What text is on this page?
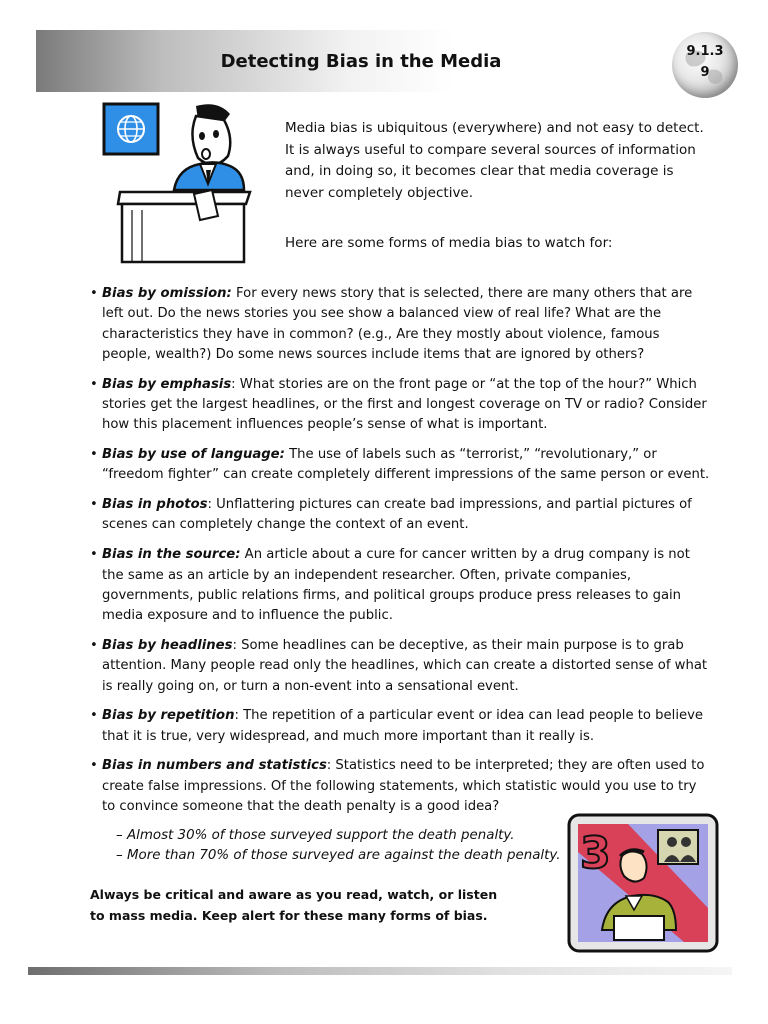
Detecting Bias in the Media	9.1.3
9

Media bias is ubiquitous (everywhere) and not easy to detect. It is always useful to compare several sources of information and, in doing so, it becomes clear that media coverage is never completely objective.

Here are some forms of media bias to watch for:

• Bias by omission: For every news story that is selected, there are many others that are left out. Do the news stories you see show a balanced view of real life? What are the characteristics they have in common? (e.g., Are they mostly about violence, famous people, wealth?) Do some news sources include items that are ignored by others?
• Bias by emphasis: What stories are on the front page or “at the top of the hour?” Which stories get the largest headlines, or the first and longest coverage on TV or radio? Consider how this placement influences people’s sense of what is important.
• Bias by use of language: The use of labels such as “terrorist,” “revolutionary,” or “freedom fighter” can create completely different impressions of the same person or event.
• Bias in photos: Unflattering pictures can create bad impressions, and partial pictures of scenes can completely change the context of an event.
• Bias in the source: An article about a cure for cancer written by a drug company is not the same as an article by an independent researcher. Often, private companies, governments, public relations firms, and political groups produce press releases to gain media exposure and to influence the public.
• Bias by headlines: Some headlines can be deceptive, as their main purpose is to grab attention. Many people read only the headlines, which can create a distorted sense of what is really going on, or turn a non-event into a sensational event.
• Bias by repetition: The repetition of a particular event or idea can lead people to believe that it is true, very widespread, and much more important than it really is.
• Bias in numbers and statistics: Statistics need to be interpreted; they are often used to create false impressions. Of the following statements, which statistic would you use to try to convince someone that the death penalty is a good idea?
– Almost 30% of those surveyed support the death penalty.
– More than 70% of those surveyed are against the death penalty.

Always be critical and aware as you read, watch, or listen to mass media. Keep alert for these many forms of bias.

3
